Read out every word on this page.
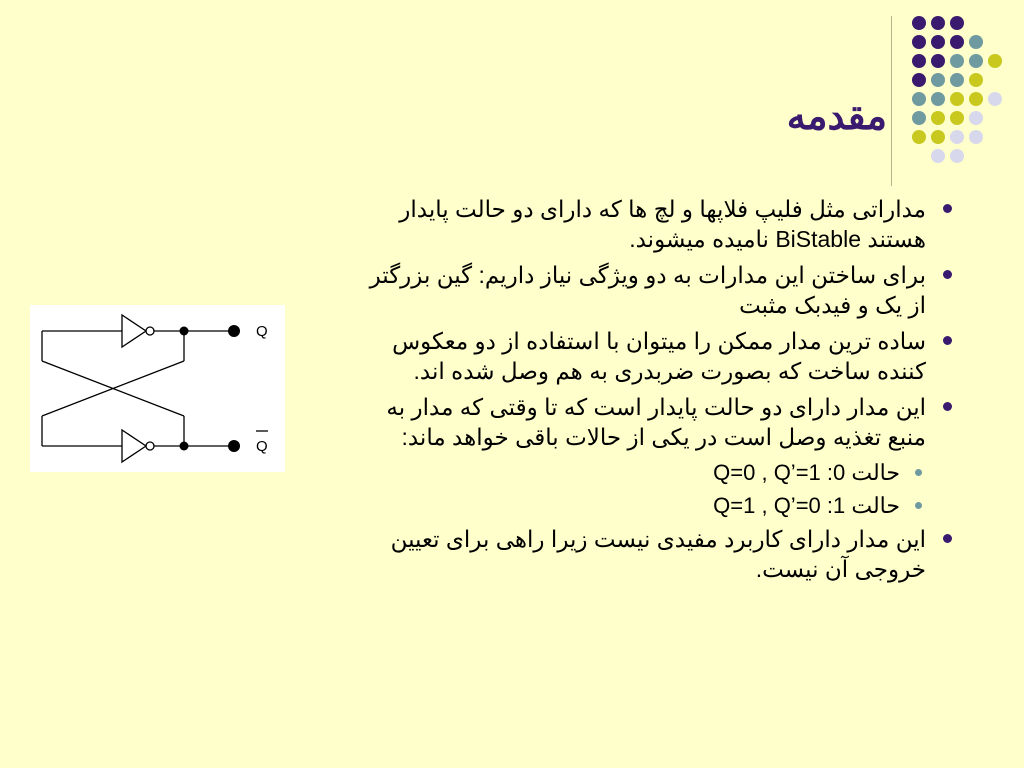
مقدمه
مداراتی مثل فلیپ فلاپها و لچ ها که دارای دو حالت پایدار هستند BiStable نامیده میشوند.
برای ساختن این مدارات به دو ویژگی نیاز داریم: گین بزرگتر از یک و فیدبک مثبت
ساده ترین مدار ممکن را میتوان با استفاده از دو معکوس کننده ساخت که بصورت ضربدری به هم وصل شده اند.
این مدار دارای دو حالت پایدار است که تا وقتی که مدار به منبع تغذیه وصل است در یکی از حالات باقی خواهد ماند:
حالت 0: Q=0 , Q’=1
حالت 1: Q=1 , Q’=0
این مدار دارای کاربرد مفیدی نیست زیرا راهی برای تعیین خروجی آن نیست.
Q
Q
